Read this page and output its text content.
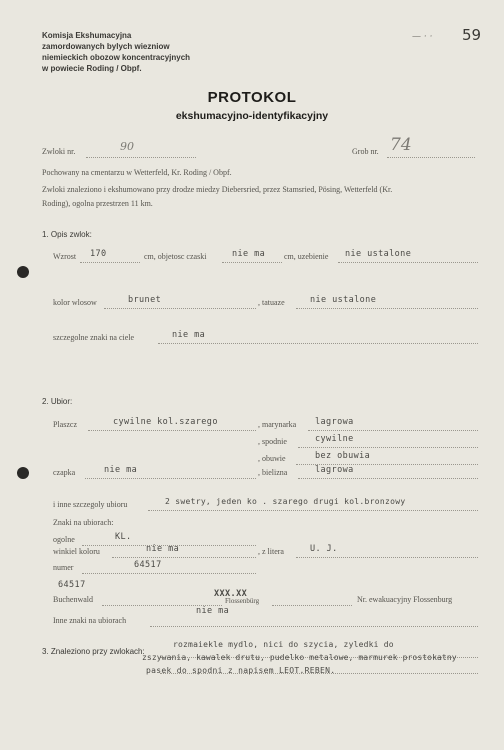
— · · 59
Komisja Ekshumacyjna
zamordowanych bylych wiezniow
niemieckich obozow koncentracyjnych
w powiecie Roding / Obpf.
PROTOKOL
ekshumacyjno-identyfikacyjny
Zwloki nr.	90	Grob nr. 74
Pochowany na cmentarzu w Wetterfeld, Kr. Roding / Obpf.
Zwloki znaleziono i ekshumowano przy drodze miedzy Diebersried, przez Stamsried, Pösing, Wetterfeld (Kr.
Roding), ogolna przestrzen 11 km.
1. Opis zwlok:
Wzrost 170	cm, objetosc czaski	nie ma cm, uzebienie nie ustalone
kolor wlosow	brunet	, tatuaze	nie ustalone
szczegolne znaki na ciele	nie ma
2. Ubior:
Plaszcz	cywilne kol.szarego	, marynarka lagrowa
, spodnie	cywilne
, obuwie	bez obuwia
czapka	nie ma	, bielizna	lagrowa
i inne szczegoly ubioru	2 swetry, jeden ko . szarego drugi kol.bronzowy
Znaki na ubiorach:
ogolne	KL.
winkiel koloru	nie ma	, z litera	U. J.
numer	64517
64517
Buchenwald
XXX.XX
Flossenbürg	Nr. ewakuacyjny Flossenburg
Inne znaki na ubiorach
nie ma
3. Znaleziono przy zwlokach:
rozmaiekle mydlo, nici do szycia, zyledki do
zszywania, kawalek drutu, pudelko metalowe, marmurek prostokatny
pasek do spodni z napisem LEOT.REBEN.
